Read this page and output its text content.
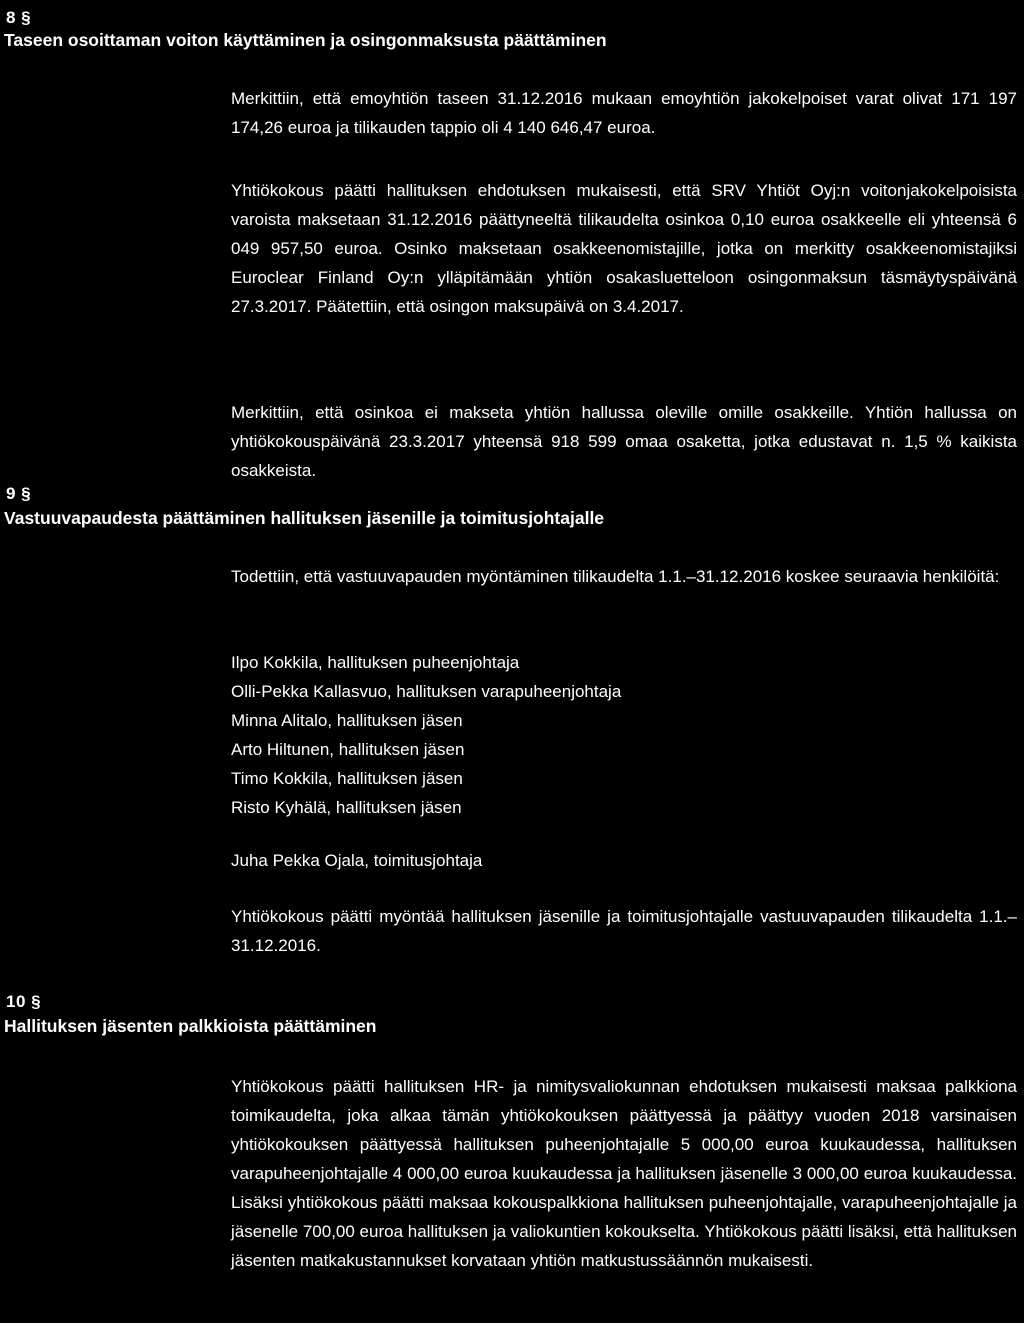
8 §
Taseen osoittaman voiton käyttäminen ja osingonmaksusta päättäminen

Merkittiin, että emoyhtiön taseen 31.12.2016 mukaan emoyhtiön jakokelpoiset varat olivat 171 197 174,26 euroa ja tilikauden tappio oli 4 140 646,47 euroa.

Yhtiökokous päätti hallituksen ehdotuksen mukaisesti, että SRV Yhtiöt Oyj:n voitonjakokelpoisista varoista maksetaan 31.12.2016 päättyneeltä tilikaudelta osinkoa 0,10 euroa osakkeelle eli yhteensä 6 049 957,50 euroa. Osinko maksetaan osakkeenomistajille, jotka on merkitty osakkeenomistajiksi Euroclear Finland Oy:n ylläpitämään yhtiön osakasluetteloon osingonmaksun täsmäytyspäivänä 27.3.2017. Päätettiin, että osingon maksupäivä on 3.4.2017.

Merkittiin, että osinkoa ei makseta yhtiön hallussa oleville omille osakkeille. Yhtiön hallussa on yhtiökokouspäivänä 23.3.2017 yhteensä 918 599 omaa osaketta, jotka edustavat n. 1,5 % kaikista osakkeista.

9 §
Vastuuvapaudesta päättäminen hallituksen jäsenille ja toimitusjohtajalle

Todettiin, että vastuuvapauden myöntäminen tilikaudelta 1.1.–31.12.2016 koskee seuraavia henkilöitä:

Ilpo Kokkila, hallituksen puheenjohtaja
Olli-Pekka Kallasvuo, hallituksen varapuheenjohtaja
Minna Alitalo, hallituksen jäsen
Arto Hiltunen, hallituksen jäsen
Timo Kokkila, hallituksen jäsen
Risto Kyhälä, hallituksen jäsen

Juha Pekka Ojala, toimitusjohtaja

Yhtiökokous päätti myöntää hallituksen jäsenille ja toimitusjohtajalle vastuuvapauden tilikaudelta 1.1.–31.12.2016.

10 §
Hallituksen jäsenten palkkioista päättäminen

Yhtiökokous päätti hallituksen HR- ja nimitysvaliokunnan ehdotuksen mukaisesti maksaa palkkiona toimikaudelta, joka alkaa tämän yhtiökokouksen päättyessä ja päättyy vuoden 2018 varsinaisen yhtiökokouksen päättyessä hallituksen puheenjohtajalle 5 000,00 euroa kuukaudessa, hallituksen varapuheenjohtajalle 4 000,00 euroa kuukaudessa ja hallituksen jäsenelle 3 000,00 euroa kuukaudessa. Lisäksi yhtiökokous päätti maksaa kokouspalkkiona hallituksen puheenjohtajalle, varapuheenjohtajalle ja jäsenelle 700,00 euroa hallituksen ja valiokuntien kokoukselta. Yhtiökokous päätti lisäksi, että hallituksen jäsenten matkakustannukset korvataan yhtiön matkustussäännön mukaisesti.
